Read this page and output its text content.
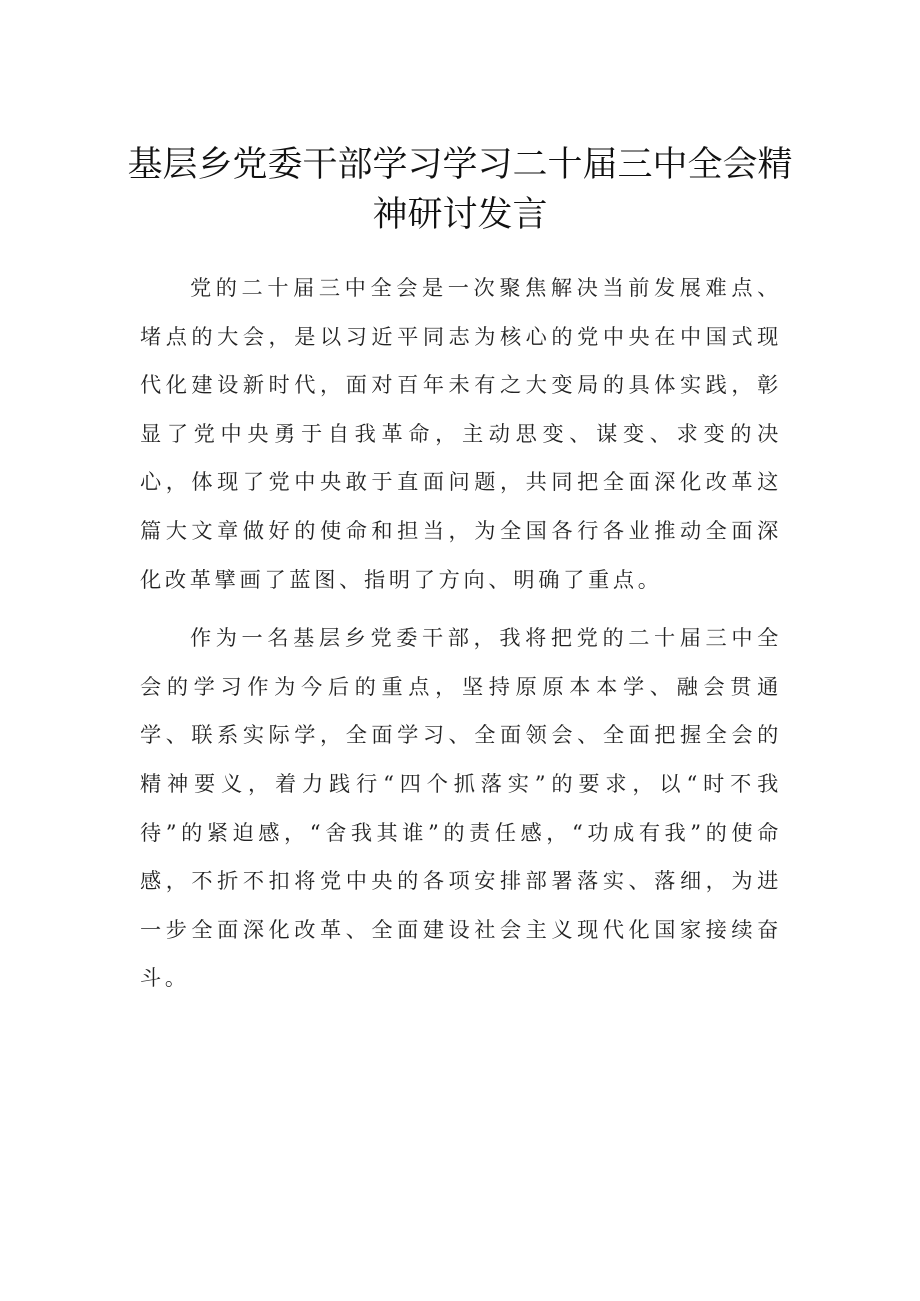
基层乡党委干部学习学习二十届三中全会精神研讨发言

党的二十届三中全会是一次聚焦解决当前发展难点、堵点的大会，是以习近平同志为核心的党中央在中国式现代化建设新时代，面对百年未有之大变局的具体实践，彰显了党中央勇于自我革命，主动思变、谋变、求变的决心，体现了党中央敢于直面问题，共同把全面深化改革这篇大文章做好的使命和担当，为全国各行各业推动全面深化改革擘画了蓝图、指明了方向、明确了重点。

作为一名基层乡党委干部，我将把党的二十届三中全会的学习作为今后的重点，坚持原原本本学、融会贯通学、联系实际学，全面学习、全面领会、全面把握全会的精神要义，着力践行“四个抓落实”的要求，以“时不我待”的紧迫感，“舍我其谁”的责任感，“功成有我”的使命感，不折不扣将党中央的各项安排部署落实、落细，为进一步全面深化改革、全面建设社会主义现代化国家接续奋斗。
